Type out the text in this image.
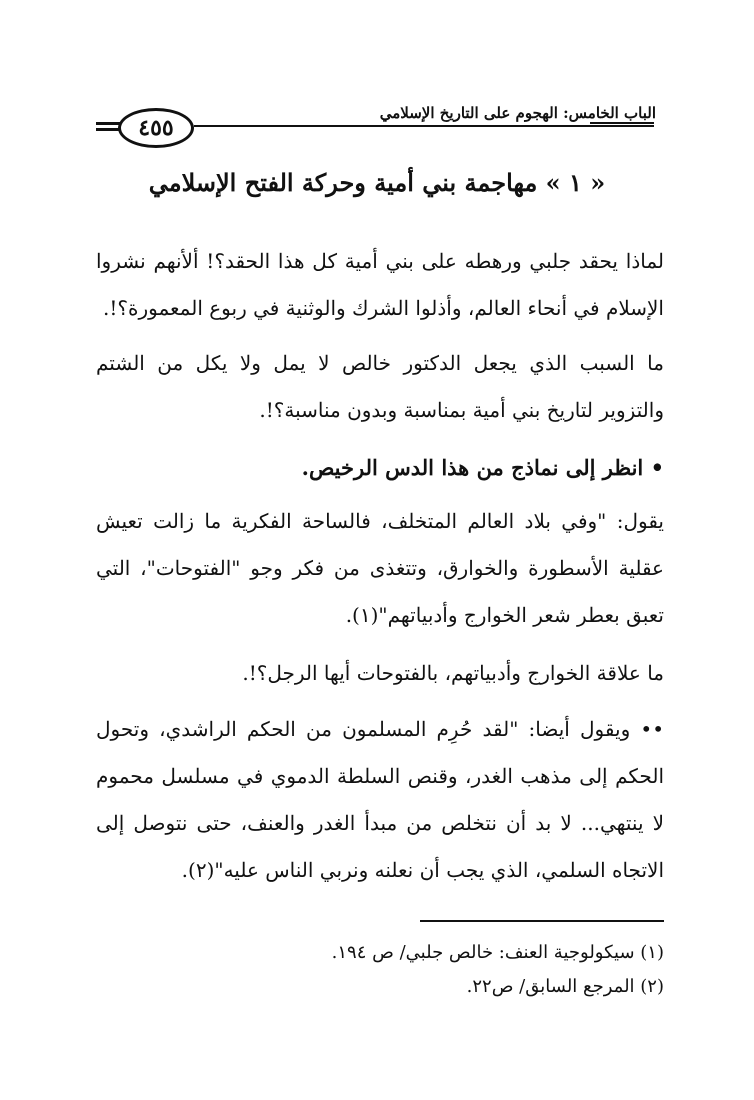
الباب الخامس: الهجوم على التاريخ الإسلامي
٤٥٥
« ١ » مهاجمة بني أمية وحركة الفتح الإسلامي

لماذا يحقد جلبي ورهطه على بني أمية كل هذا الحقد؟! ألأنهم نشروا الإسلام في أنحاء العالم، وأذلوا الشرك والوثنية في ربوع المعمورة؟!.

ما السبب الذي يجعل الدكتور خالص لا يمل ولا يكل من الشتم والتزوير لتاريخ بني أمية بمناسبة وبدون مناسبة؟!.

• انظر إلى نماذج من هذا الدس الرخيص.

يقول: "وفي بلاد العالم المتخلف، فالساحة الفكرية ما زالت تعيش عقلية الأسطورة والخوارق، وتتغذى من فكر وجو "الفتوحات"، التي تعبق بعطر شعر الخوارج وأدبياتهم"(١).

ما علاقة الخوارج وأدبياتهم، بالفتوحات أيها الرجل؟!.

•• ويقول أيضا: "لقد حُرِم المسلمون من الحكم الراشدي، وتحول الحكم إلى مذهب الغدر، وقنص السلطة الدموي في مسلسل محموم لا ينتهي... لا بد أن نتخلص من مبدأ الغدر والعنف، حتى نتوصل إلى الاتجاه السلمي، الذي يجب أن نعلنه ونربي الناس عليه"(٢).

(١) سيكولوجية العنف: خالص جلبي/ ص ١٩٤.
(٢) المرجع السابق/ ص٢٢.
